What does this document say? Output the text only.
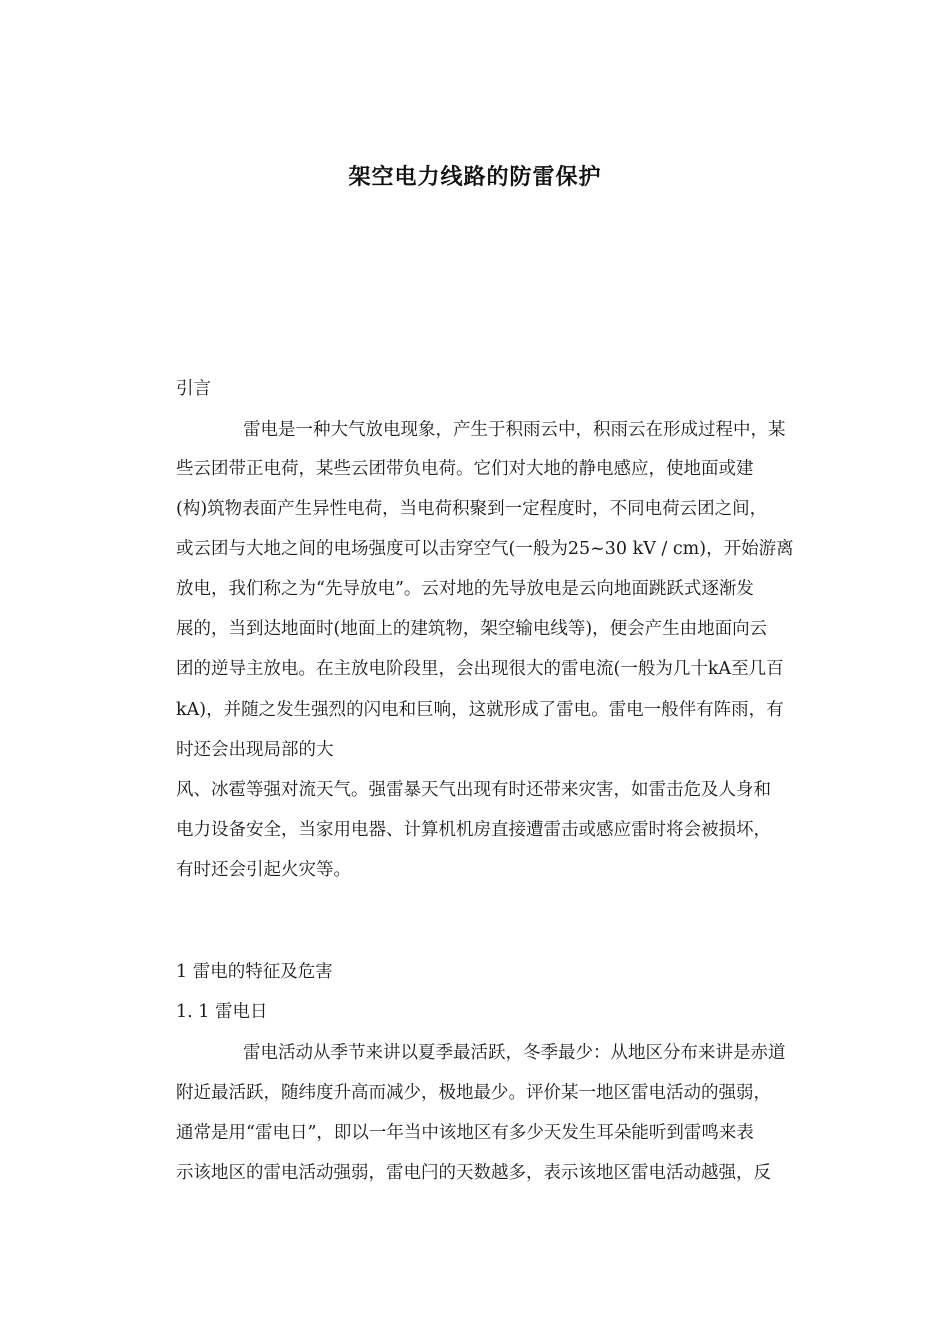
架空电力线路的防雷保护
引言
雷电是一种大气放电现象，产生于积雨云中，积雨云在形成过程中，某
些云团带正电荷，某些云团带负电荷。它们对大地的静电感应，使地面或建
(构)筑物表面产生异性电荷，当电荷积聚到一定程度时，不同电荷云团之间，
或云团与大地之间的电场强度可以击穿空气(一般为25~30 kV / cm)，开始游离
放电，我们称之为“先导放电”。云对地的先导放电是云向地面跳跃式逐渐发
展的，当到达地面时(地面上的建筑物，架空输电线等)，便会产生由地面向云
团的逆导主放电。在主放电阶段里，会出现很大的雷电流(一般为几十kA至几百
kA)，并随之发生强烈的闪电和巨响，这就形成了雷电。雷电一般伴有阵雨，有
时还会出现局部的大
风、冰雹等强对流天气。强雷暴天气出现有时还带来灾害，如雷击危及人身和
电力设备安全，当家用电器、计算机机房直接遭雷击或感应雷时将会被损坏，
有时还会引起火灾等。
1 雷电的特征及危害
1. 1 雷电日
雷电活动从季节来讲以夏季最活跃，冬季最少：从地区分布来讲是赤道
附近最活跃，随纬度升高而减少，极地最少。评价某一地区雷电活动的强弱，
通常是用“雷电日”，即以一年当中该地区有多少天发生耳朵能听到雷鸣来表
示该地区的雷电活动强弱，雷电闩的天数越多，表示该地区雷电活动越强，反
